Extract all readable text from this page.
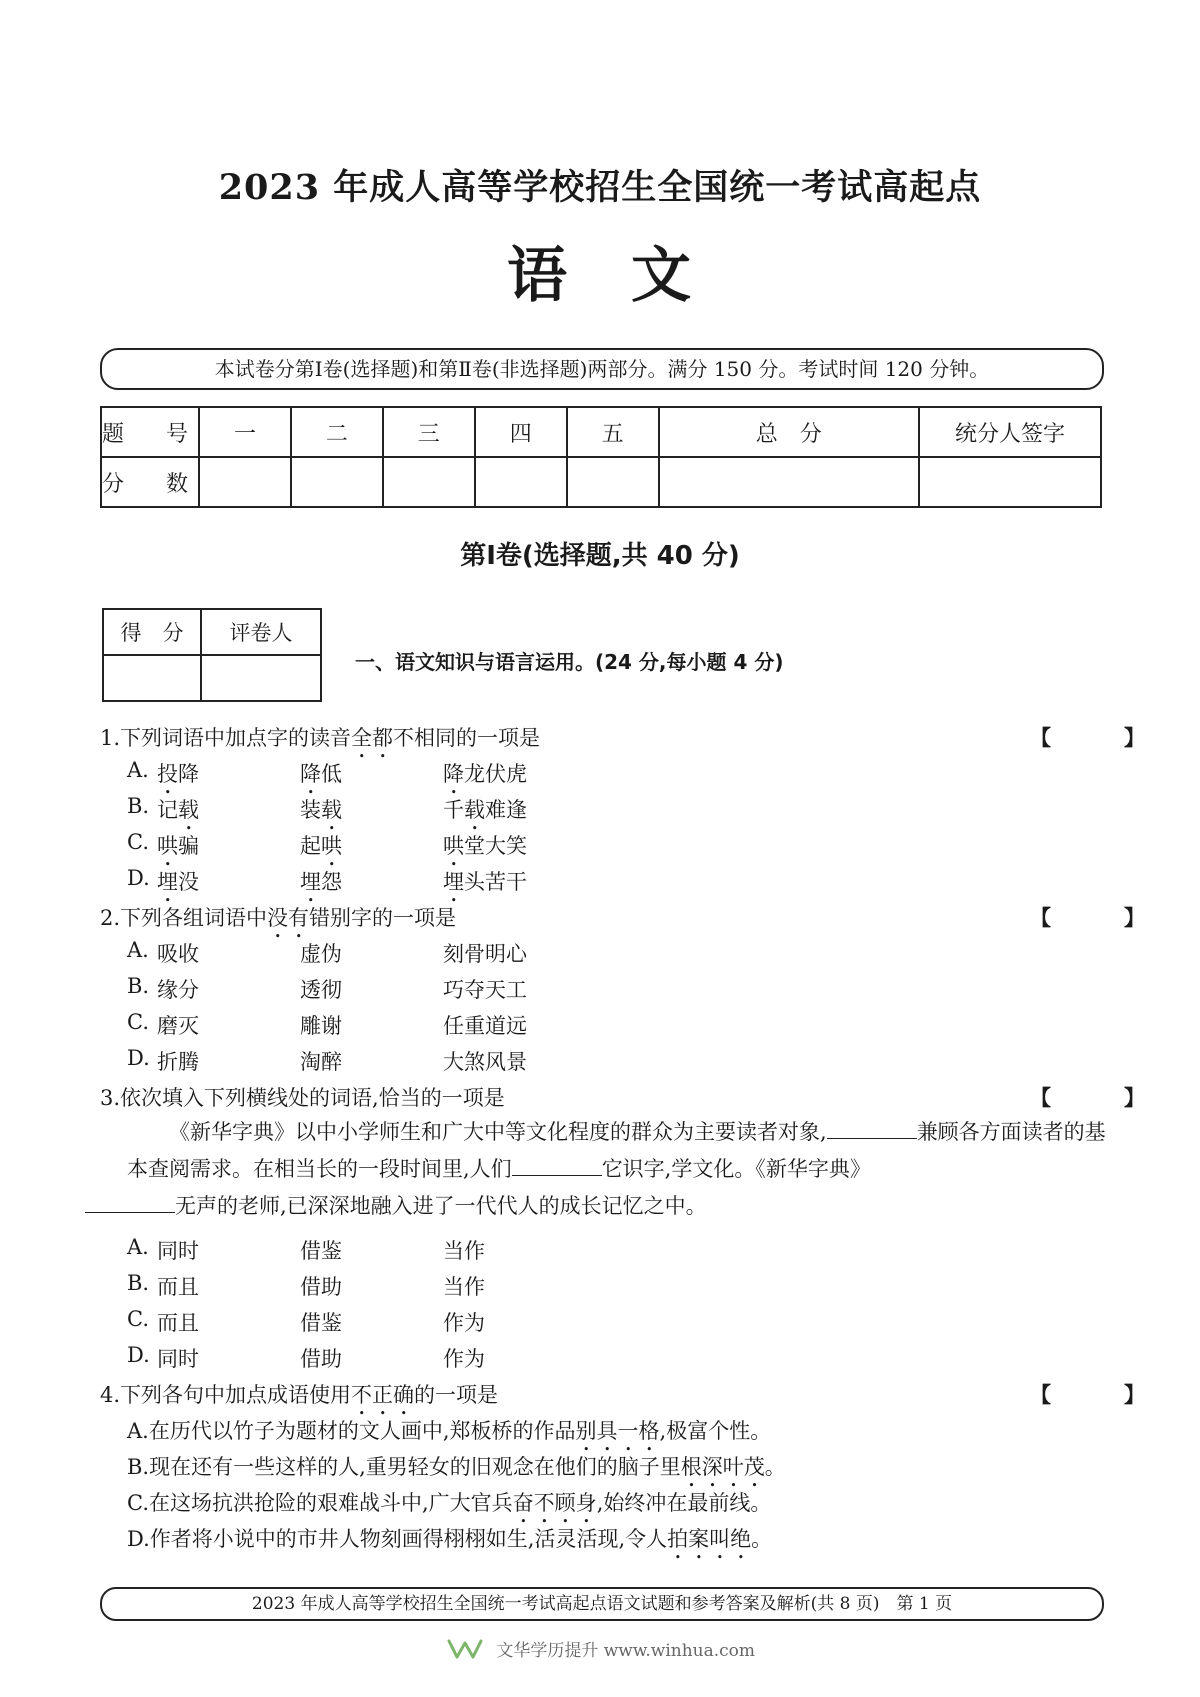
2023 年成人高等学校招生全国统一考试高起点
语　文
本试卷分第Ⅰ卷(选择题)和第Ⅱ卷(非选择题)两部分。满分 150 分。考试时间 120 分钟。
题　号	一	二	三	四	五	总　分	统分人签字
分　数							
第Ⅰ卷(选择题,共 40 分)
得　分	评卷人

一、语文知识与语言运用。(24 分,每小题 4 分)
1.下列词语中加点字的读音全都不相同的一项是	【　】
A. 投降	降低	降龙伏虎
B. 记载	装载	千载难逢
C. 哄骗	起哄	哄堂大笑
D. 埋没	埋怨	埋头苦干
2.下列各组词语中没有错别字的一项是	【　】
A. 吸收	虚伪	刻骨明心
B. 缘分	透彻	巧夺天工
C. 磨灭	雕谢	任重道远
D. 折腾	淘醉	大煞风景
3.依次填入下列横线处的词语,恰当的一项是	【　】
《新华字典》以中小学师生和广大中等文化程度的群众为主要读者对象,	兼顾各方面读者的基本查阅需求。在相当长的一段时间里,人们	它识字,学文化。《新华字典》
无声的老师,已深深地融入进了一代代人的成长记忆之中。
A. 同时	借鉴	当作
B. 而且	借助	当作
C. 而且	借鉴	作为
D. 同时	借助	作为
4.下列各句中加点成语使用不正确的一项是	【　】
A.在历代以竹子为题材的文人画中,郑板桥的作品别具一格,极富个性。
B.现在还有一些这样的人,重男轻女的旧观念在他们的脑子里根深叶茂。
C.在这场抗洪抢险的艰难战斗中,广大官兵奋不顾身,始终冲在最前线。
D.作者将小说中的市井人物刻画得栩栩如生,活灵活现,令人拍案叫绝。
2023 年成人高等学校招生全国统一考试高起点语文试题和参考答案及解析(共 8 页)　第 1 页
文华学历提升 www.winhua.com
